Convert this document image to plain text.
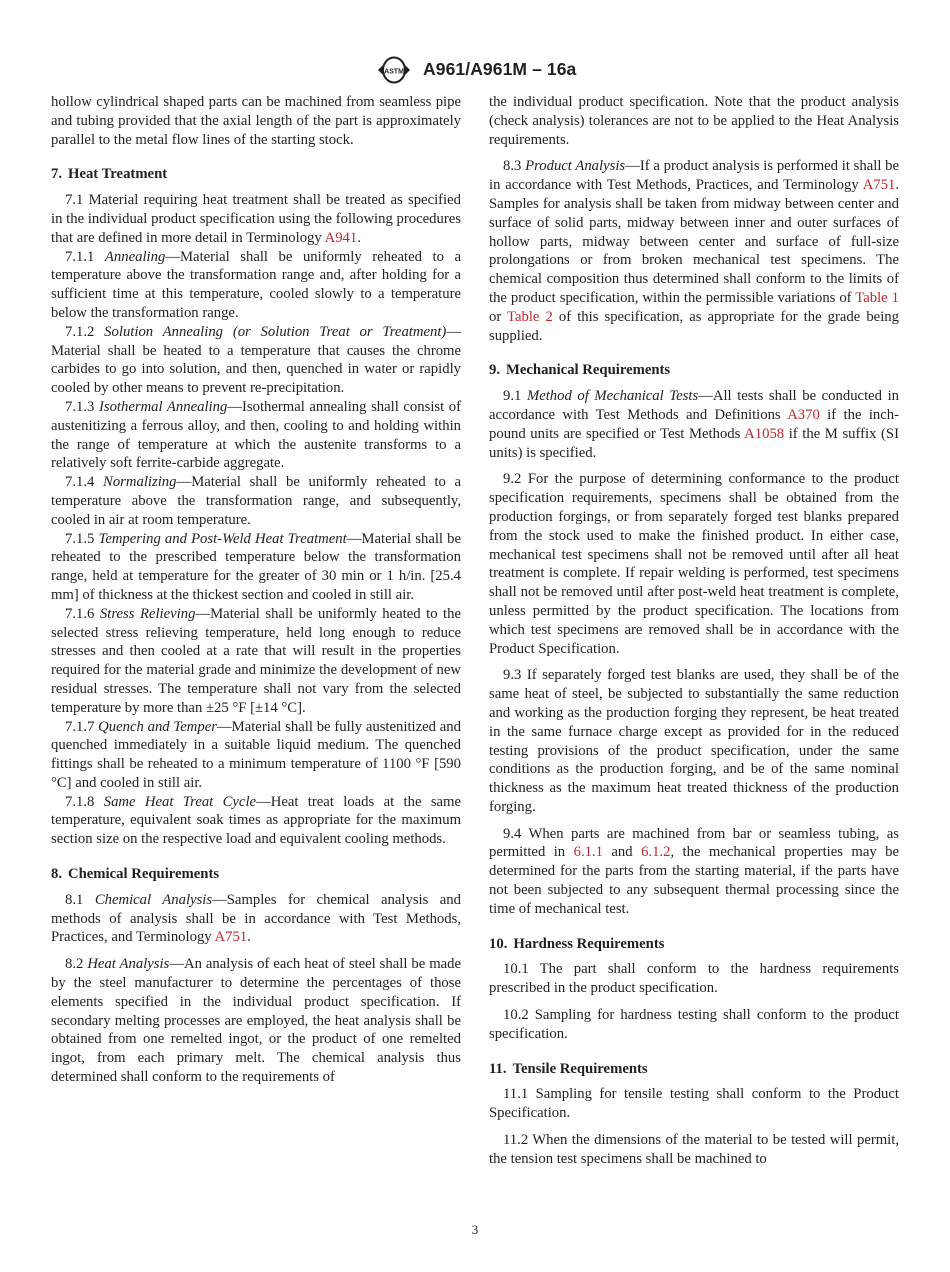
ASTM A961/A961M – 16a

hollow cylindrical shaped parts can be machined from seamless pipe and tubing provided that the axial length of the part is approximately parallel to the metal flow lines of the starting stock.

7. Heat Treatment

7.1 Material requiring heat treatment shall be treated as specified in the individual product specification using the following procedures that are defined in more detail in Terminology A941.

7.1.1 Annealing—Material shall be uniformly reheated to a temperature above the transformation range and, after holding for a sufficient time at this temperature, cooled slowly to a temperature below the transformation range.

7.1.2 Solution Annealing (or Solution Treat or Treatment)—Material shall be heated to a temperature that causes the chrome carbides to go into solution, and then, quenched in water or rapidly cooled by other means to prevent re-precipitation.

7.1.3 Isothermal Annealing—Isothermal annealing shall consist of austenitizing a ferrous alloy, and then, cooling to and holding within the range of temperature at which the austenite transforms to a relatively soft ferrite-carbide aggregate.

7.1.4 Normalizing—Material shall be uniformly reheated to a temperature above the transformation range, and subsequently, cooled in air at room temperature.

7.1.5 Tempering and Post-Weld Heat Treatment—Material shall be reheated to the prescribed temperature below the transformation range, held at temperature for the greater of 30 min or 1 h/in. [25.4 mm] of thickness at the thickest section and cooled in still air.

7.1.6 Stress Relieving—Material shall be uniformly heated to the selected stress relieving temperature, held long enough to reduce stresses and then cooled at a rate that will result in the properties required for the material grade and minimize the development of new residual stresses. The temperature shall not vary from the selected temperature by more than ±25 °F [±14 °C].

7.1.7 Quench and Temper—Material shall be fully austenitized and quenched immediately in a suitable liquid medium. The quenched fittings shall be reheated to a minimum temperature of 1100 °F [590 °C] and cooled in still air.

7.1.8 Same Heat Treat Cycle—Heat treat loads at the same temperature, equivalent soak times as appropriate for the maximum section size on the respective load and equivalent cooling methods.

8. Chemical Requirements

8.1 Chemical Analysis—Samples for chemical analysis and methods of analysis shall be in accordance with Test Methods, Practices, and Terminology A751.

8.2 Heat Analysis—An analysis of each heat of steel shall be made by the steel manufacturer to determine the percentages of those elements specified in the individual product specification. If secondary melting processes are employed, the heat analysis shall be obtained from one remelted ingot, or the product of one remelted ingot, from each primary melt. The chemical analysis thus determined shall conform to the requirements of

the individual product specification. Note that the product analysis (check analysis) tolerances are not to be applied to the Heat Analysis requirements.

8.3 Product Analysis—If a product analysis is performed it shall be in accordance with Test Methods, Practices, and Terminology A751. Samples for analysis shall be taken from midway between center and surface of solid parts, midway between inner and outer surfaces of hollow parts, midway between center and surface of full-size prolongations or from broken mechanical test specimens. The chemical composition thus determined shall conform to the limits of the product specification, within the permissible variations of Table 1 or Table 2 of this specification, as appropriate for the grade being supplied.

9. Mechanical Requirements

9.1 Method of Mechanical Tests—All tests shall be conducted in accordance with Test Methods and Definitions A370 if the inch-pound units are specified or Test Methods A1058 if the M suffix (SI units) is specified.

9.2 For the purpose of determining conformance to the product specification requirements, specimens shall be obtained from the production forgings, or from separately forged test blanks prepared from the stock used to make the finished product. In either case, mechanical test specimens shall not be removed until after all heat treatment is complete. If repair welding is performed, test specimens shall not be removed until after post-weld heat treatment is complete, unless permitted by the product specification. The locations from which test specimens are removed shall be in accordance with the Product Specification.

9.3 If separately forged test blanks are used, they shall be of the same heat of steel, be subjected to substantially the same reduction and working as the production forging they represent, be heat treated in the same furnace charge except as provided for in the reduced testing provisions of the product specification, under the same conditions as the production forging, and be of the same nominal thickness as the maximum heat treated thickness of the production forging.

9.4 When parts are machined from bar or seamless tubing, as permitted in 6.1.1 and 6.1.2, the mechanical properties may be determined for the parts from the starting material, if the parts have not been subjected to any subsequent thermal processing since the time of mechanical test.

10. Hardness Requirements

10.1 The part shall conform to the hardness requirements prescribed in the product specification.

10.2 Sampling for hardness testing shall conform to the product specification.

11. Tensile Requirements

11.1 Sampling for tensile testing shall conform to the Product Specification.

11.2 When the dimensions of the material to be tested will permit, the tension test specimens shall be machined to

3
